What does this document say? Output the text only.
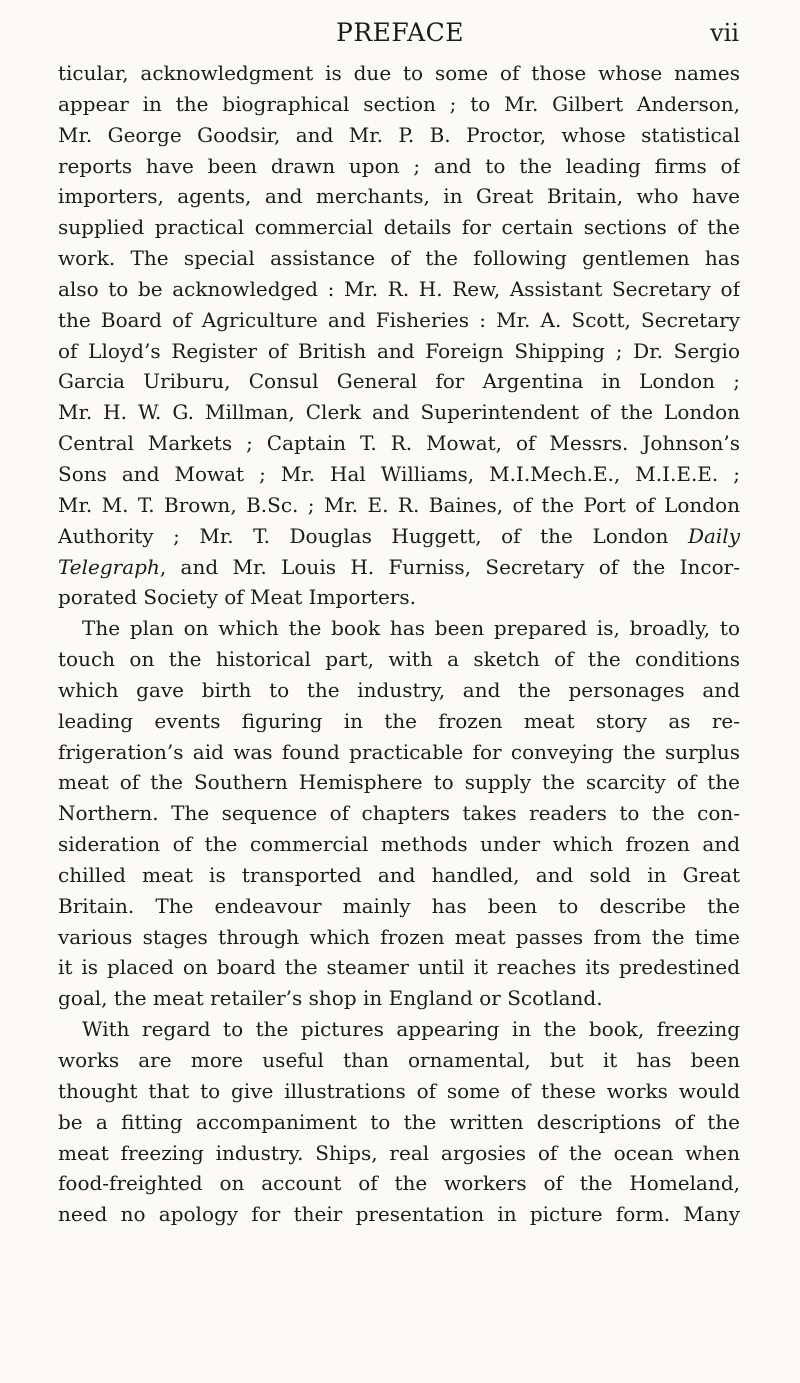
PREFACE	vii
ticular, acknowledgment is due to some of those whose names
appear in the biographical section ; to Mr. Gilbert Anderson,
Mr. George Goodsir, and Mr. P. B. Proctor, whose statistical
reports have been drawn upon ; and to the leading firms of
importers, agents, and merchants, in Great Britain, who have
supplied practical commercial details for certain sections of the
work. The special assistance of the following gentlemen has
also to be acknowledged : Mr. R. H. Rew, Assistant Secretary of
the Board of Agriculture and Fisheries : Mr. A. Scott, Secretary
of Lloyd’s Register of British and Foreign Shipping ; Dr. Sergio
Garcia Uriburu, Consul General for Argentina in London ;
Mr. H. W. G. Millman, Clerk and Superintendent of the London
Central Markets ; Captain T. R. Mowat, of Messrs. Johnson’s
Sons and Mowat ; Mr. Hal Williams, M.I.Mech.E., M.I.E.E. ;
Mr. M. T. Brown, B.Sc. ; Mr. E. R. Baines, of the Port of London
Authority ; Mr. T. Douglas Huggett, of the London Daily
Telegraph, and Mr. Louis H. Furniss, Secretary of the Incor-
porated Society of Meat Importers.
The plan on which the book has been prepared is, broadly, to
touch on the historical part, with a sketch of the conditions
which gave birth to the industry, and the personages and
leading events figuring in the frozen meat story as re-
frigeration’s aid was found practicable for conveying the surplus
meat of the Southern Hemisphere to supply the scarcity of the
Northern. The sequence of chapters takes readers to the con-
sideration of the commercial methods under which frozen and
chilled meat is transported and handled, and sold in Great
Britain. The endeavour mainly has been to describe the
various stages through which frozen meat passes from the time
it is placed on board the steamer until it reaches its predestined
goal, the meat retailer’s shop in England or Scotland.
With regard to the pictures appearing in the book, freezing
works are more useful than ornamental, but it has been
thought that to give illustrations of some of these works would
be a fitting accompaniment to the written descriptions of the
meat freezing industry. Ships, real argosies of the ocean when
food-freighted on account of the workers of the Homeland,
need no apology for their presentation in picture form. Many
